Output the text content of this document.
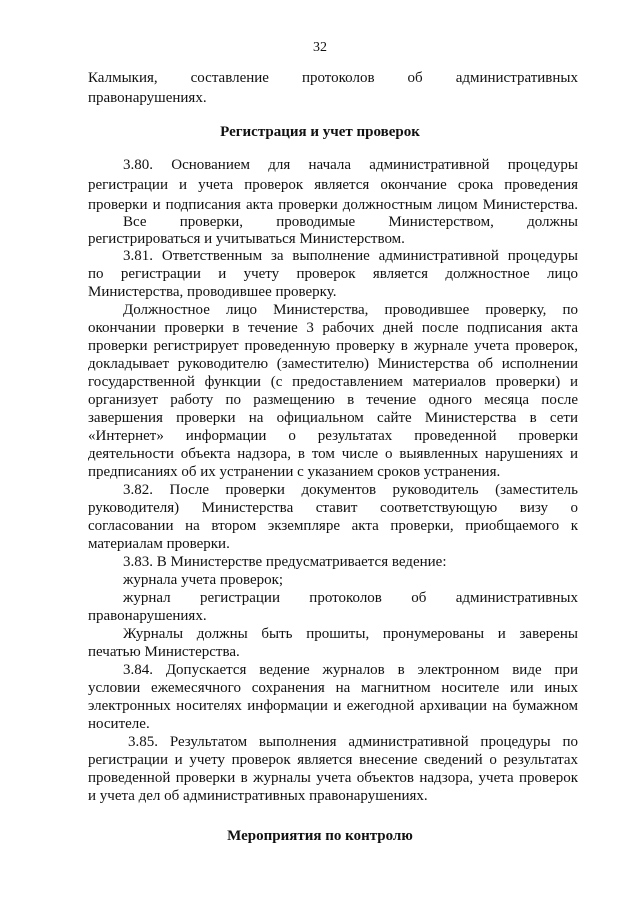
32
Калмыкия, составление протоколов об административных
правонарушениях.
Регистрация и учет проверок
3.80. Основанием для начала административной процедуры
регистрации и учета проверок является окончание срока проведения
проверки и подписания акта проверки должностным лицом Министерства.
Все проверки, проводимые Министерством, должны
регистрироваться и учитываться Министерством.
3.81. Ответственным за выполнение административной процедуры
по регистрации и учету проверок является должностное лицо
Министерства, проводившее проверку.
Должностное лицо Министерства, проводившее проверку, по
окончании проверки в течение 3 рабочих дней после подписания акта
проверки регистрирует проведенную проверку в журнале учета проверок,
докладывает руководителю (заместителю) Министерства об исполнении
государственной функции (с предоставлением материалов проверки) и
организует работу по размещению в течение одного месяца после
завершения проверки на официальном сайте Министерства в сети
«Интернет» информации о результатах проведенной проверки
деятельности объекта надзора, в том числе о выявленных нарушениях и
предписаниях об их устранении с указанием сроков устранения.
3.82. После проверки документов руководитель (заместитель
руководителя) Министерства ставит соответствующую визу о
согласовании на втором экземпляре акта проверки, приобщаемого к
материалам проверки.
3.83. В Министерстве предусматривается ведение:
журнала учета проверок;
журнал регистрации протоколов об административных
правонарушениях.
Журналы должны быть прошиты, пронумерованы и заверены
печатью Министерства.
3.84. Допускается ведение журналов в электронном виде при
условии ежемесячного сохранения на магнитном носителе или иных
электронных носителях информации и ежегодной архивации на бумажном
носителе.
3.85. Результатом выполнения административной процедуры по
регистрации и учету проверок является внесение сведений о результатах
проведенной проверки в журналы учета объектов надзора, учета проверок
и учета дел об административных правонарушениях.
Мероприятия по контролю
